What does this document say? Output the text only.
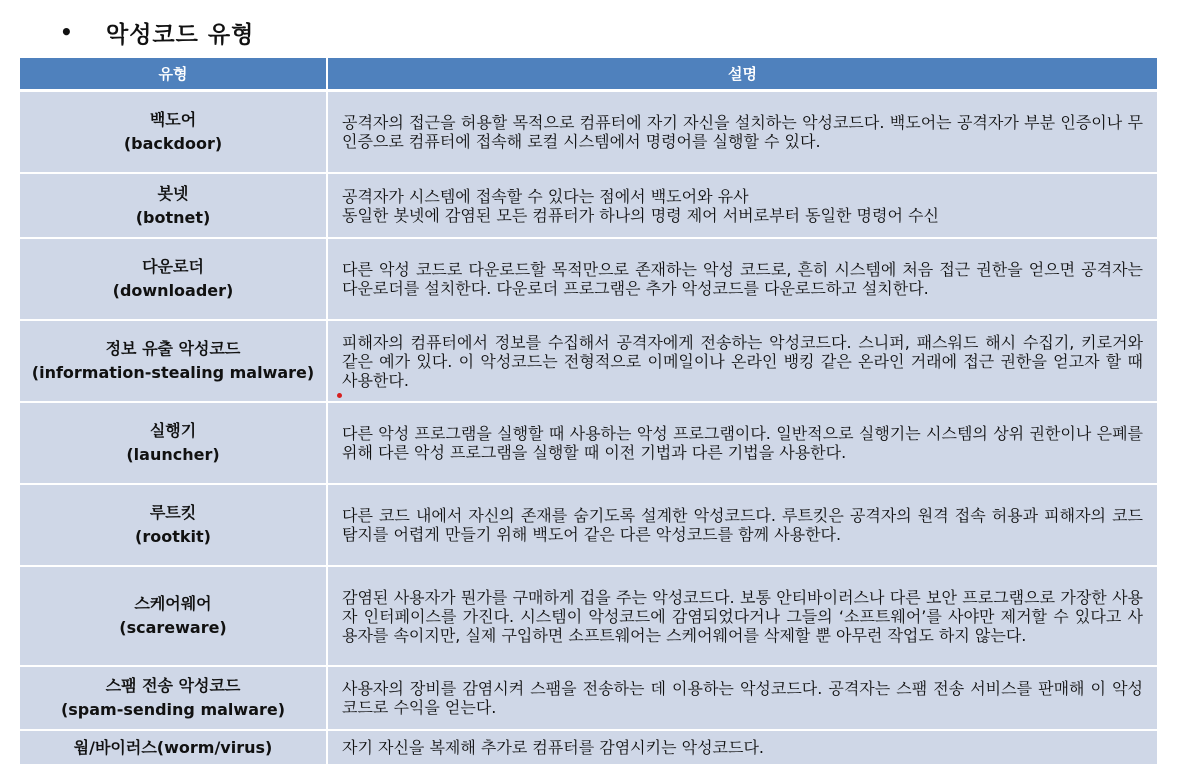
•	악성코드 유형
유형	설명

백도어
(backdoor)	공격자의 접근을 허용할 목적으로 컴퓨터에 자기 자신을 설치하는 악성코드다. 백도어는 공격자가 부분 인증이나 무인증으로 컴퓨터에 접속해 로컬 시스템에서 명령어를 실행할 수 있다.

봇넷
(botnet)	공격자가 시스템에 접속할 수 있다는 점에서 백도어와 유사
동일한 봇넷에 감염된 모든 컴퓨터가 하나의 명령 제어 서버로부터 동일한 명령어 수신

다운로더
(downloader)	다른 악성 코드로 다운로드할 목적만으로 존재하는 악성 코드로, 흔히 시스템에 처음 접근 권한을 얻으면 공격자는 다운로더를 설치한다. 다운로더 프로그램은 추가 악성코드를 다운로드하고 설치한다.

정보 유출 악성코드
(information-stealing malware)	피해자의 컴퓨터에서 정보를 수집해서 공격자에게 전송하는 악성코드다. 스니퍼, 패스워드 해시 수집기, 키로거와 같은 예가 있다. 이 악성코드는 전형적으로 이메일이나 온라인 뱅킹 같은 온라인 거래에 접근 권한을 얻고자 할 때 사용한다.

실행기
(launcher)	다른 악성 프로그램을 실행할 때 사용하는 악성 프로그램이다. 일반적으로 실행기는 시스템의 상위 권한이나 은폐를 위해 다른 악성 프로그램을 실행할 때 이전 기법과 다른 기법을 사용한다.

루트킷
(rootkit)	다른 코드 내에서 자신의 존재를 숨기도록 설계한 악성코드다. 루트킷은 공격자의 원격 접속 허용과 피해자의 코드 탐지를 어렵게 만들기 위해 백도어 같은 다른 악성코드를 함께 사용한다.

스케어웨어
(scareware)	감염된 사용자가 뭔가를 구매하게 겁을 주는 악성코드다. 보통 안티바이러스나 다른 보안 프로그램으로 가장한 사용자 인터페이스를 가진다. 시스템이 악성코드에 감염되었다거나 그들의 ‘소프트웨어’를 사야만 제거할 수 있다고 사용자를 속이지만, 실제 구입하면 소프트웨어는 스케어웨어를 삭제할 뿐 아무런 작업도 하지 않는다.

스팸 전송 악성코드
(spam-sending malware)	사용자의 장비를 감염시켜 스팸을 전송하는 데 이용하는 악성코드다. 공격자는 스팸 전송 서비스를 판매해 이 악성코드로 수익을 얻는다.

웜/바이러스(worm/virus)	자기 자신을 복제해 추가로 컴퓨터를 감염시키는 악성코드다.
